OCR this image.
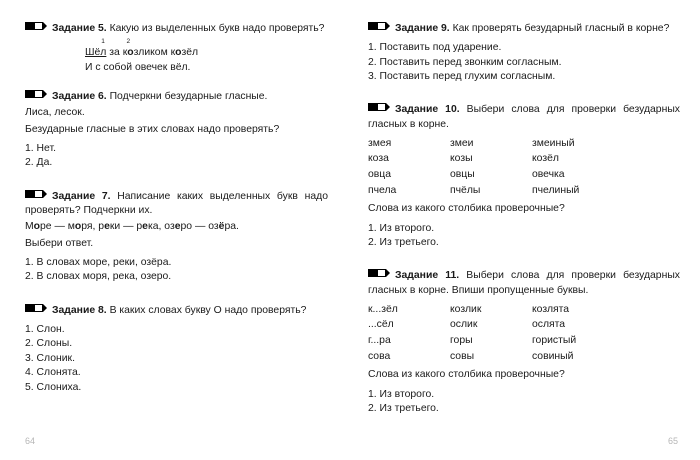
Задание 5. Какую из выделенных букв надо проверять?
1            2
Шёл за козликом козёл
И с собой овечек вёл.
Задание 6. Подчеркни безударные гласные.
Лиса, лесок.
Безударные гласные в этих словах надо проверять?
1. Нет.
2. Да.
Задание 7. Написание каких выделенных букв надо проверять? Подчеркни их.
Море — моря, реки — река, озеро — озёра.
Выбери ответ.
1. В словах море, реки, озёра.
2. В словах моря, река, озеро.
Задание 8. В каких словах букву О надо проверять?
1. Слон.
2. Слоны.
3. Слоник.
4. Слонята.
5. Слониха.
64
Задание 9. Как проверять безударный гласный в корне?
1. Поставить под ударение.
2. Поставить перед звонким согласным.
3. Поставить перед глухим согласным.
Задание 10. Выбери слова для проверки безударных гласных в корне.
змея	змеи	змеиный
коза	козы	козёл
овца	овцы	овечка
пчела	пчёлы	пчелиный
Слова из какого столбика проверочные?
1. Из второго.
2. Из третьего.
Задание 11. Выбери слова для проверки безударных гласных в корне. Впиши пропущенные буквы.
к...зёл	козлик	козлята
...сёл	ослик	ослята
г...ра	горы	гористый
сова	совы	совиный
Слова из какого столбика проверочные?
1. Из второго.
2. Из третьего.
65
